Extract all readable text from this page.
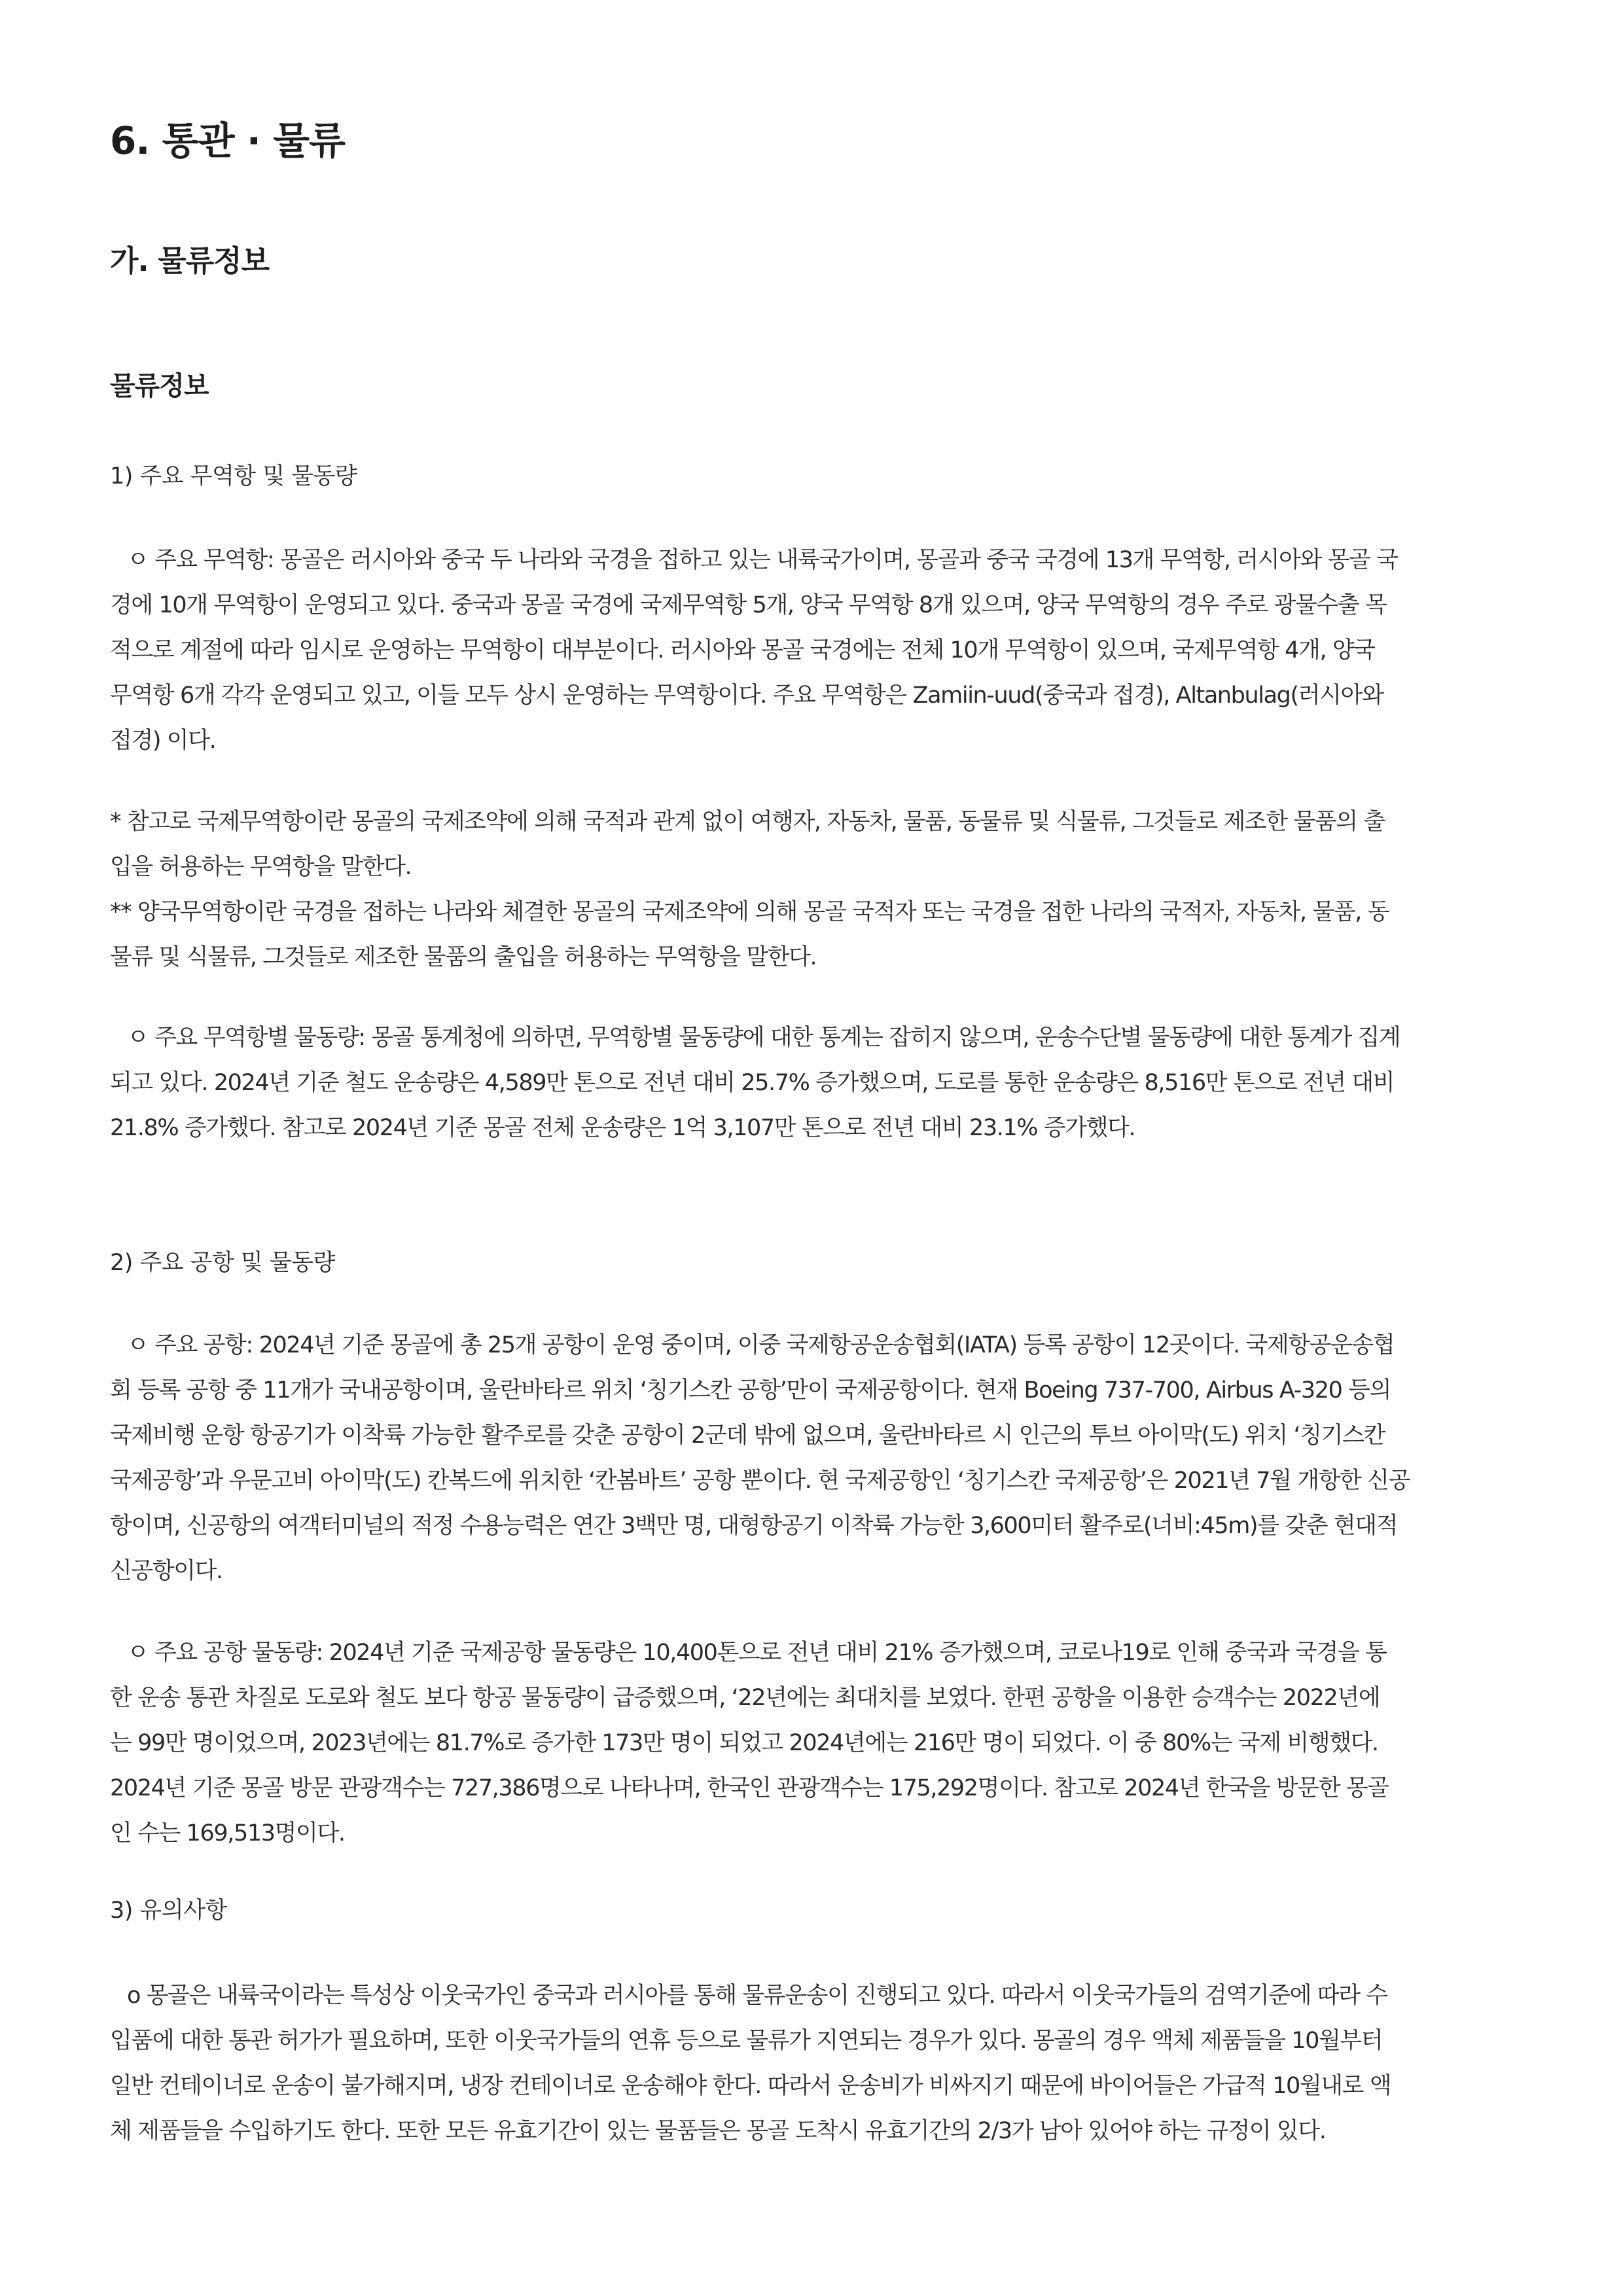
6. 통관 · 물류
가. 물류정보
물류정보
1) 주요 무역항 및 물동량
ㅇ 주요 무역항: 몽골은 러시아와 중국 두 나라와 국경을 접하고 있는 내륙국가이며, 몽골과 중국 국경에 13개 무역항, 러시아와 몽골 국
경에 10개 무역항이 운영되고 있다. 중국과 몽골 국경에 국제무역항 5개, 양국 무역항 8개 있으며, 양국 무역항의 경우 주로 광물수출 목
적으로 계절에 따라 임시로 운영하는 무역항이 대부분이다. 러시아와 몽골 국경에는 전체 10개 무역항이 있으며, 국제무역항 4개, 양국
무역항 6개 각각 운영되고 있고, 이들 모두 상시 운영하는 무역항이다. 주요 무역항은 Zamiin-uud(중국과 접경), Altanbulag(러시아와
접경) 이다.
* 참고로 국제무역항이란 몽골의 국제조약에 의해 국적과 관계 없이 여행자, 자동차, 물품, 동물류 및 식물류, 그것들로 제조한 물품의 출
입을 허용하는 무역항을 말한다.
** 양국무역항이란 국경을 접하는 나라와 체결한 몽골의 국제조약에 의해 몽골 국적자 또는 국경을 접한 나라의 국적자, 자동차, 물품, 동
물류 및 식물류, 그것들로 제조한 물품의 출입을 허용하는 무역항을 말한다.
ㅇ 주요 무역항별 물동량: 몽골 통계청에 의하면, 무역항별 물동량에 대한 통계는 잡히지 않으며, 운송수단별 물동량에 대한 통계가 집계
되고 있다. 2024년 기준 철도 운송량은 4,589만 톤으로 전년 대비 25.7% 증가했으며, 도로를 통한 운송량은 8,516만 톤으로 전년 대비
21.8% 증가했다. 참고로 2024년 기준 몽골 전체 운송량은 1억 3,107만 톤으로 전년 대비 23.1% 증가했다.
2) 주요 공항 및 물동량
ㅇ 주요 공항: 2024년 기준 몽골에 총 25개 공항이 운영 중이며, 이중 국제항공운송협회(IATA) 등록 공항이 12곳이다. 국제항공운송협
회 등록 공항 중 11개가 국내공항이며, 울란바타르 위치 ‘칭기스칸 공항’만이 국제공항이다. 현재 Boeing 737-700, Airbus A-320 등의
국제비행 운항 항공기가 이착륙 가능한 활주로를 갖춘 공항이 2군데 밖에 없으며, 울란바타르 시 인근의 투브 아이막(도) 위치 ‘칭기스칸
국제공항’과 우문고비 아이막(도) 칸복드에 위치한 ‘칸봄바트’ 공항 뿐이다. 현 국제공항인 ‘칭기스칸 국제공항’은 2021년 7월 개항한 신공
항이며, 신공항의 여객터미널의 적정 수용능력은 연간 3백만 명, 대형항공기 이착륙 가능한 3,600미터 활주로(너비:45m)를 갖춘 현대적
신공항이다.
ㅇ 주요 공항 물동량: 2024년 기준 국제공항 물동량은 10,400톤으로 전년 대비 21% 증가했으며, 코로나19로 인해 중국과 국경을 통
한 운송 통관 차질로 도로와 철도 보다 항공 물동량이 급증했으며, ‘22년에는 최대치를 보였다. 한편 공항을 이용한 승객수는 2022년에
는 99만 명이었으며, 2023년에는 81.7%로 증가한 173만 명이 되었고 2024년에는 216만 명이 되었다. 이 중 80%는 국제 비행했다.
2024년 기준 몽골 방문 관광객수는 727,386명으로 나타나며, 한국인 관광객수는 175,292명이다. 참고로 2024년 한국을 방문한 몽골
인 수는 169,513명이다.
3) 유의사항
o 몽골은 내륙국이라는 특성상 이웃국가인 중국과 러시아를 통해 물류운송이 진행되고 있다. 따라서 이웃국가들의 검역기준에 따라 수
입품에 대한 통관 허가가 필요하며, 또한 이웃국가들의 연휴 등으로 물류가 지연되는 경우가 있다. 몽골의 경우 액체 제품들을 10월부터
일반 컨테이너로 운송이 불가해지며, 냉장 컨테이너로 운송해야 한다. 따라서 운송비가 비싸지기 때문에 바이어들은 가급적 10월내로 액
체 제품들을 수입하기도 한다. 또한 모든 유효기간이 있는 물품들은 몽골 도착시 유효기간의 2/3가 남아 있어야 하는 규정이 있다.
